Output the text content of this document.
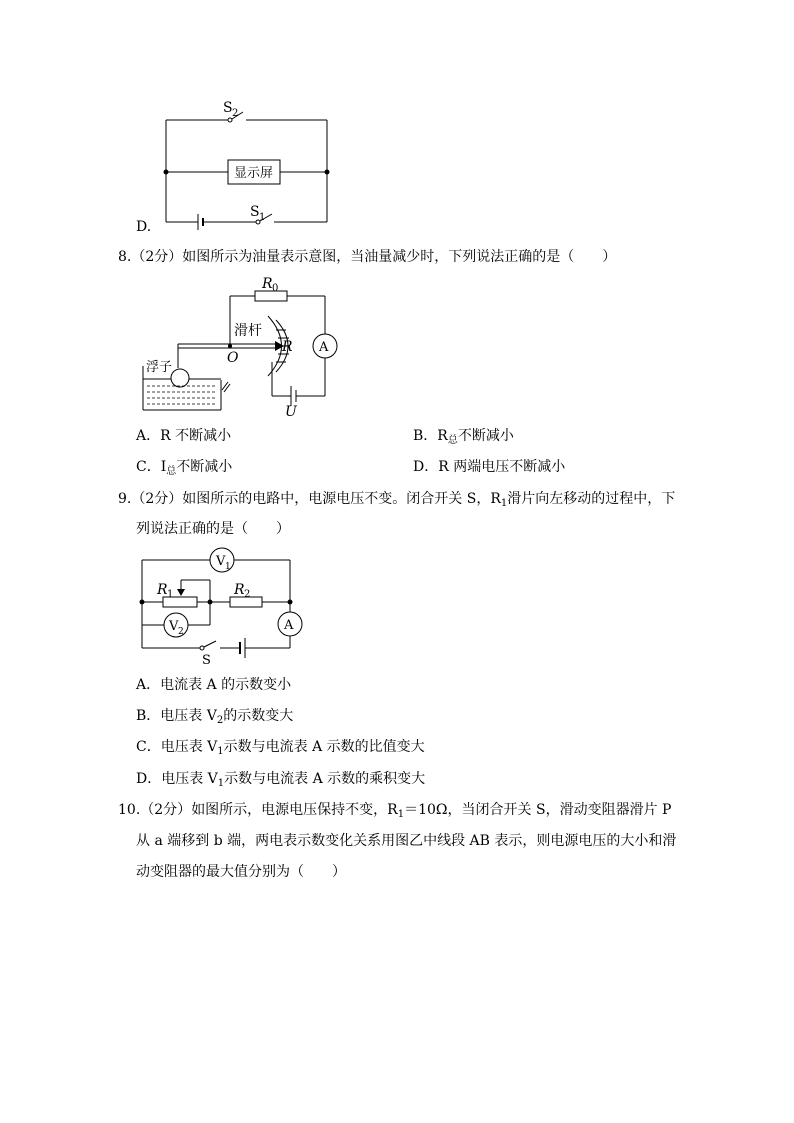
D.
S 2
显示屏
S 1
8.（2分）如图所示为油量表示意图，当油量减少时，下列说法正确的是（　　）
R 0
滑杆
O
R A
浮子
U
A．R 不断减小	B．$R_总$不断减小
C．$I_总$不断减小	D．R 两端电压不断减小
9.（2分）如图所示的电路中，电源电压不变。闭合开关 S，$R_1$滑片向左移动的过程中，下
列说法正确的是（　　）
V 1
R 1	R 2
V 2	A
S
A．电流表 A 的示数变小
B．电压表 $V_2$的示数变大
C．电压表 $V_1$示数与电流表 A 示数的比值变大
D．电压表 $V_1$示数与电流表 A 示数的乘积变大
10.（2分）如图所示，电源电压保持不变，$R_1=10\Omega$，当闭合开关 S，滑动变阻器滑片 P
从 a 端移到 b 端，两电表示数变化关系用图乙中线段 AB 表示，则电源电压的大小和滑
动变阻器的最大值分别为（　　）
